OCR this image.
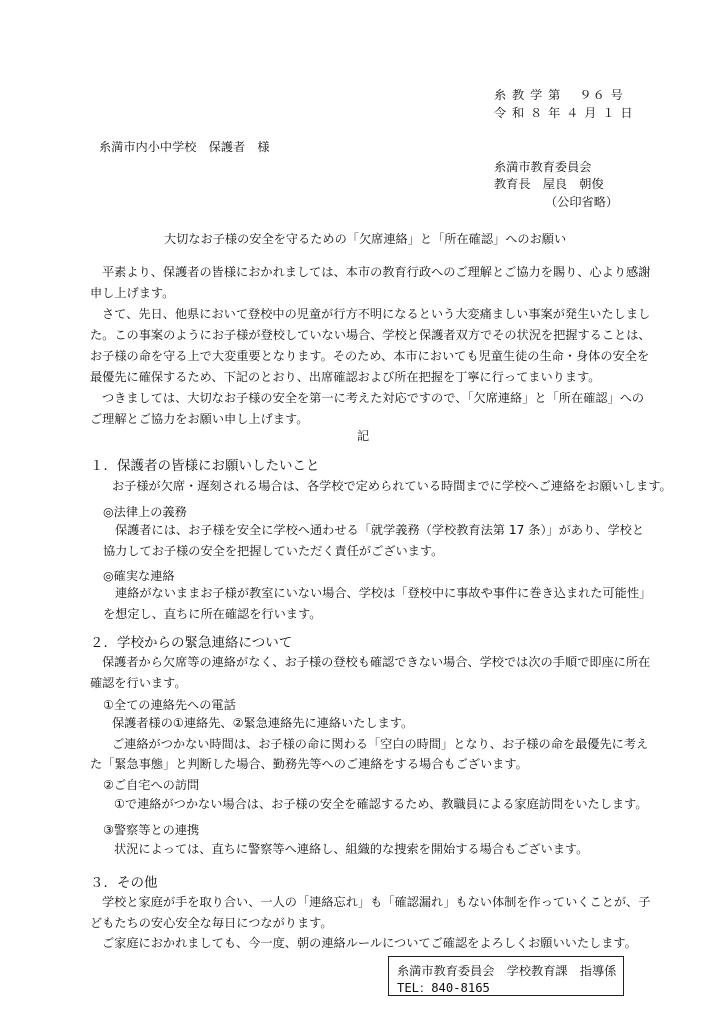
糸 教 学 第　 ９６ 号
令 和 ８ 年 ４ 月 １ 日
糸満市内小中学校　保護者　様
糸満市教育委員会
教育長　屋良　朝俊
（公印省略）
大切なお子様の安全を守るための「欠席連絡」と「所在確認」へのお願い
平素より、保護者の皆様におかれましては、本市の教育行政へのご理解とご協力を賜り、心より感謝
申し上げます。
さて、先日、他県において登校中の児童が行方不明になるという大変痛ましい事案が発生いたしまし
た。この事案のようにお子様が登校していない場合、学校と保護者双方でその状況を把握することは、
お子様の命を守る上で大変重要となります。そのため、本市においても児童生徒の生命・身体の安全を
最優先に確保するため、下記のとおり、出席確認および所在把握を丁寧に行ってまいります。
つきましては、大切なお子様の安全を第一に考えた対応ですので、「欠席連絡」と「所在確認」への
ご理解とご協力をお願い申し上げます。
記
１．保護者の皆様にお願いしたいこと
お子様が欠席・遅刻される場合は、各学校で定められている時間までに学校へご連絡をお願いします。
◎法律上の義務
保護者には、お子様を安全に学校へ通わせる「就学義務（学校教育法第 17 条）」があり、学校と
協力してお子様の安全を把握していただく責任がございます。
◎確実な連絡
連絡がないままお子様が教室にいない場合、学校は「登校中に事故や事件に巻き込まれた可能性」
を想定し、直ちに所在確認を行います。
２．学校からの緊急連絡について
保護者から欠席等の連絡がなく、お子様の登校も確認できない場合、学校では次の手順で即座に所在
確認を行います。
①全ての連絡先への電話
保護者様の①連絡先、②緊急連絡先に連絡いたします。
ご連絡がつかない時間は、お子様の命に関わる「空白の時間」となり、お子様の命を最優先に考え
た「緊急事態」と判断した場合、勤務先等へのご連絡をする場合もございます。
②ご自宅への訪問
①で連絡がつかない場合は、お子様の安全を確認するため、教職員による家庭訪問をいたします。
③警察等との連携
状況によっては、直ちに警察等へ連絡し、組織的な捜索を開始する場合もございます。
３．その他
学校と家庭が手を取り合い、一人の「連絡忘れ」も「確認漏れ」もない体制を作っていくことが、子
どもたちの安心安全な毎日につながります。
ご家庭におかれましても、今一度、朝の連絡ルールについてご確認をよろしくお願いいたします。
糸満市教育委員会　学校教育課　指導係
TEL：840-8165
